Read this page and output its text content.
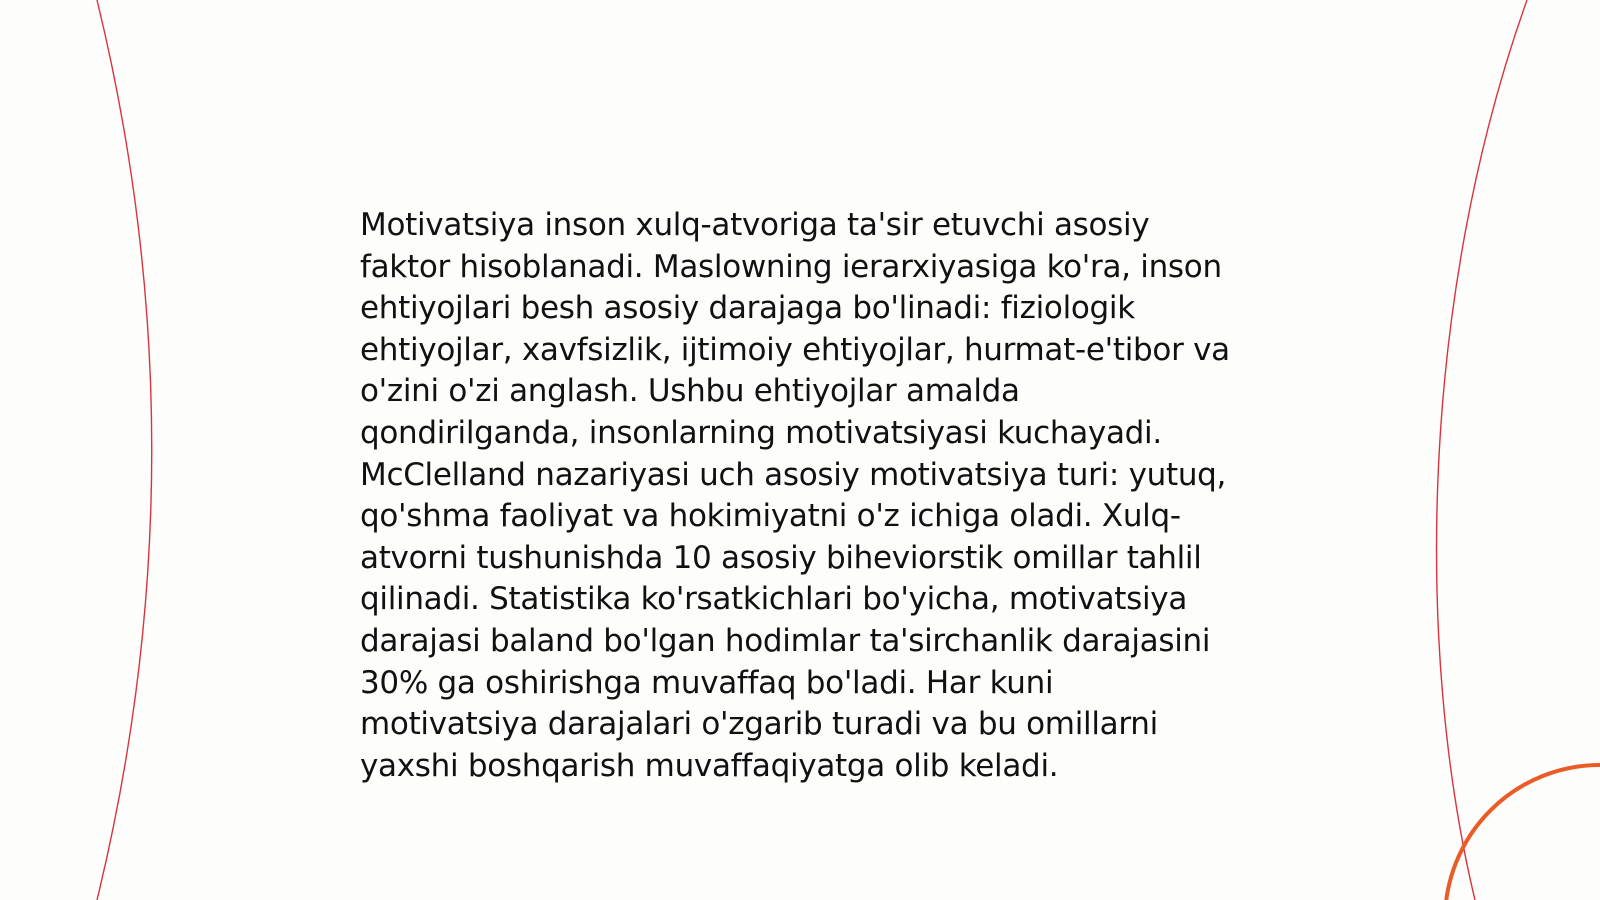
Motivatsiya inson xulq-atvoriga ta'sir etuvchi asosiy faktor hisoblanadi. Maslowning ierarxiyasiga ko'ra, inson ehtiyojlari besh asosiy darajaga bo'linadi: fiziologik ehtiyojlar, xavfsizlik, ijtimoiy ehtiyojlar, hurmat-e'tibor va o'zini o'zi anglash. Ushbu ehtiyojlar amalda qondirilganda, insonlarning motivatsiyasi kuchayadi. McClelland nazariyasi uch asosiy motivatsiya turi: yutuq, qo'shma faoliyat va hokimiyatni o'z ichiga oladi. Xulq-atvorni tushunishda 10 asosiy biheviorstik omillar tahlil qilinadi. Statistika ko'rsatkichlari bo'yicha, motivatsiya darajasi baland bo'lgan hodimlar ta'sirchanlik darajasini 30% ga oshirishga muvaffaq bo'ladi. Har kuni motivatsiya darajalari o'zgarib turadi va bu omillarni yaxshi boshqarish muvaffaqiyatga olib keladi.
